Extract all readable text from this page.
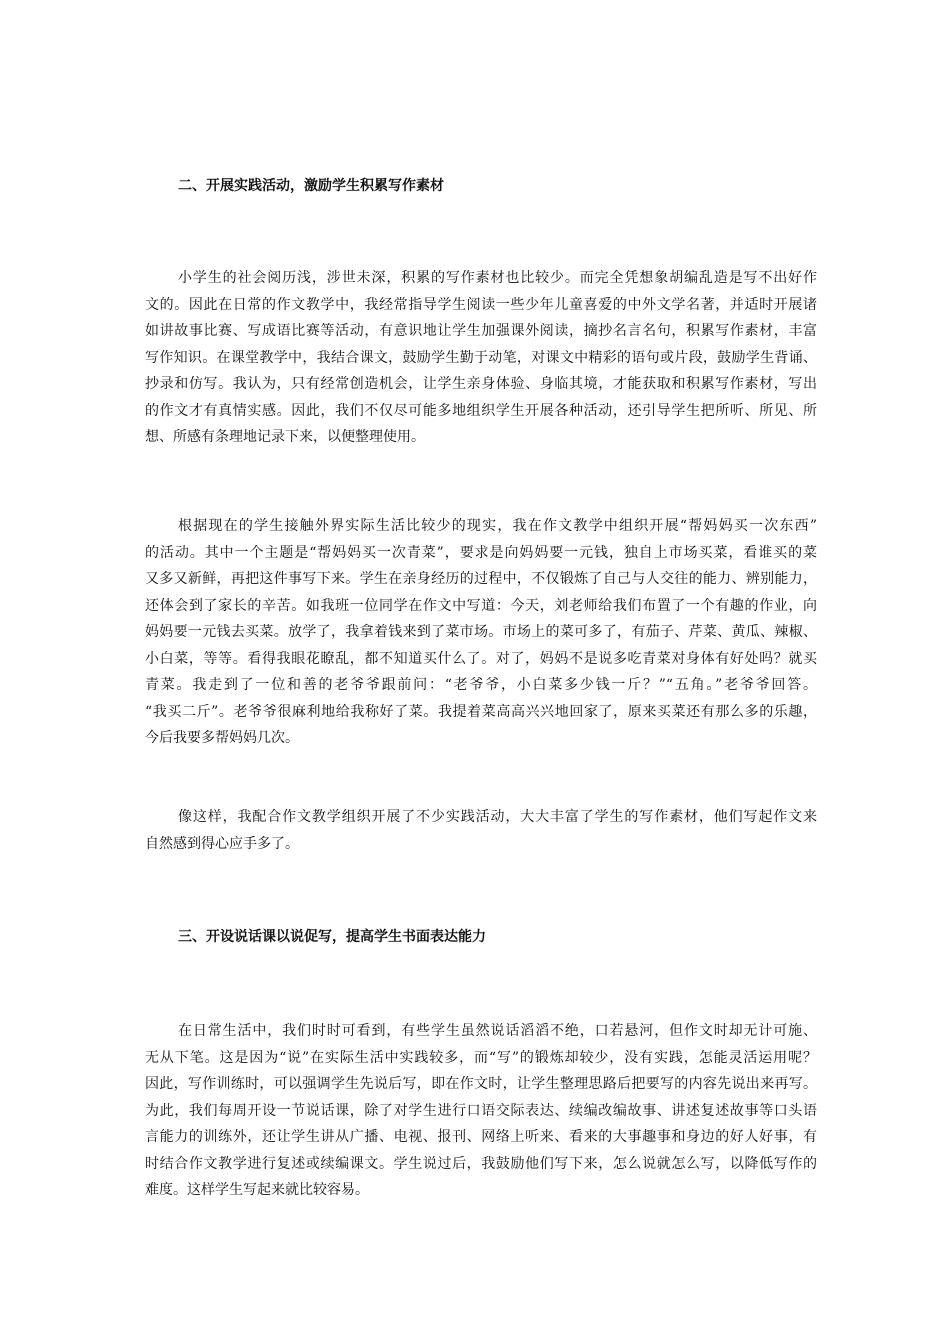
二、开展实践活动，激励学生积累写作素材
小学生的社会阅历浅，涉世未深，积累的写作素材也比较少。而完全凭想象胡编乱造是写不出好作
文的。因此在日常的作文教学中，我经常指导学生阅读一些少年儿童喜爱的中外文学名著，并适时开展诸
如讲故事比赛、写成语比赛等活动，有意识地让学生加强课外阅读，摘抄名言名句，积累写作素材，丰富
写作知识。在课堂教学中，我结合课文，鼓励学生勤于动笔，对课文中精彩的语句或片段，鼓励学生背诵、
抄录和仿写。我认为，只有经常创造机会，让学生亲身体验、身临其境，才能获取和积累写作素材，写出
的作文才有真情实感。因此，我们不仅尽可能多地组织学生开展各种活动，还引导学生把所听、所见、所
想、所感有条理地记录下来，以便整理使用。
根据现在的学生接触外界实际生活比较少的现实，我在作文教学中组织开展“帮妈妈买一次东西”
的活动。其中一个主题是“帮妈妈买一次青菜”，要求是向妈妈要一元钱，独自上市场买菜，看谁买的菜
又多又新鲜，再把这件事写下来。学生在亲身经历的过程中，不仅锻炼了自己与人交往的能力、辨别能力，
还体会到了家长的辛苦。如我班一位同学在作文中写道：今天，刘老师给我们布置了一个有趣的作业，向
妈妈要一元钱去买菜。放学了，我拿着钱来到了菜市场。市场上的菜可多了，有茄子、芹菜、黄瓜、辣椒、
小白菜，等等。看得我眼花瞭乱，都不知道买什么了。对了，妈妈不是说多吃青菜对身体有好处吗？就买
青菜。我走到了一位和善的老爷爷跟前问：“老爷爷，小白菜多少钱一斤？”“五角。”老爷爷回答。
“我买二斤”。老爷爷很麻利地给我称好了菜。我提着菜高高兴兴地回家了，原来买菜还有那么多的乐趣，
今后我要多帮妈妈几次。
像这样，我配合作文教学组织开展了不少实践活动，大大丰富了学生的写作素材，他们写起作文来
自然感到得心应手多了。
三、开设说话课以说促写，提高学生书面表达能力
在日常生活中，我们时时可看到，有些学生虽然说话滔滔不绝，口若悬河，但作文时却无计可施、
无从下笔。这是因为“说”在实际生活中实践较多，而“写”的锻炼却较少，没有实践，怎能灵活运用呢？
因此，写作训练时，可以强调学生先说后写，即在作文时，让学生整理思路后把要写的内容先说出来再写。
为此，我们每周开设一节说话课，除了对学生进行口语交际表达、续编改编故事、讲述复述故事等口头语
言能力的训练外，还让学生讲从广播、电视、报刊、网络上听来、看来的大事趣事和身边的好人好事，有
时结合作文教学进行复述或续编课文。学生说过后，我鼓励他们写下来，怎么说就怎么写，以降低写作的
难度。这样学生写起来就比较容易。
